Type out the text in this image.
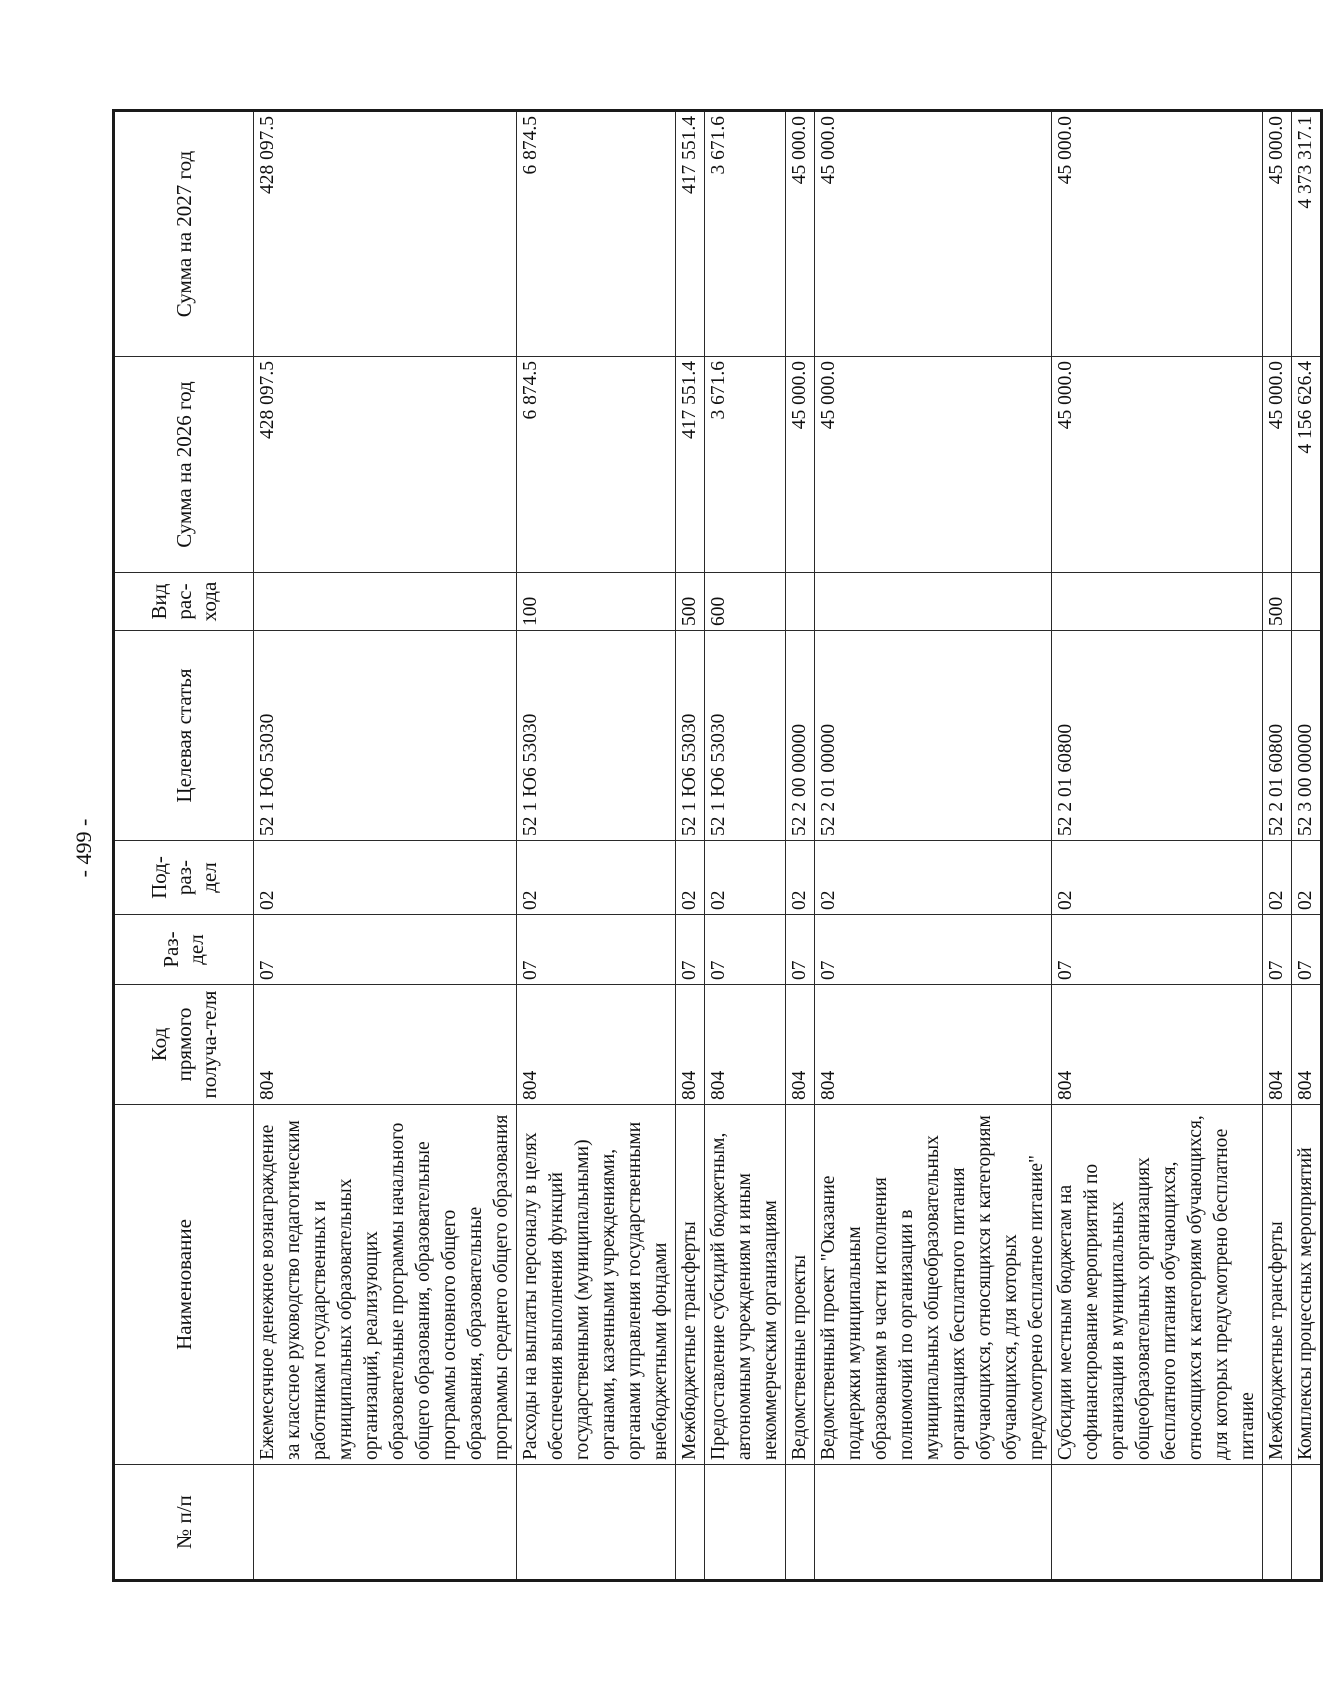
- 499 -
№ п/п	Наименование	Код прямого получа-теля	Раз-дел	Под-раз-дел	Целевая статья	Вид рас-хода	Сумма на 2026 год	Сумма на 2027 год
	Ежемесячное денежное вознаграждение за классное руководство педагогическим работникам государственных и муниципальных образовательных организаций, реализующих образовательные программы начального общего образования, образовательные программы основного общего образования, образовательные программы среднего общего образования	804	07	02	52 1 Ю6 53030		428 097.5	428 097.5
	Расходы на выплаты персоналу в целях обеспечения выполнения функций государственными (муниципальными) органами, казенными учреждениями, органами управления государственными внебюджетными фондами	804	07	02	52 1 Ю6 53030	100	6 874.5	6 874.5
	Межбюджетные трансферты	804	07	02	52 1 Ю6 53030	500	417 551.4	417 551.4
	Предоставление субсидий бюджетным, автономным учреждениям и иным некоммерческим организациям	804	07	02	52 1 Ю6 53030	600	3 671.6	3 671.6
	Ведомственные проекты	804	07	02	52 2 00 00000		45 000.0	45 000.0
	Ведомственный проект "Оказание поддержки муниципальным образованиям в части исполнения полномочий по организации в муниципальных общеобразовательных организациях бесплатного питания обучающихся, относящихся к категориям обучающихся, для которых предусмотрено бесплатное питание"	804	07	02	52 2 01 00000		45 000.0	45 000.0
	Субсидии местным бюджетам на софинансирование мероприятий по организации в муниципальных общеобразовательных организациях бесплатного питания обучающихся, относящихся к категориям обучающихся, для которых предусмотрено бесплатное питание	804	07	02	52 2 01 60800		45 000.0	45 000.0
	Межбюджетные трансферты	804	07	02	52 2 01 60800	500	45 000.0	45 000.0
	Комплексы процессных мероприятий	804	07	02	52 3 00 00000		4 156 626.4	4 373 317.1
